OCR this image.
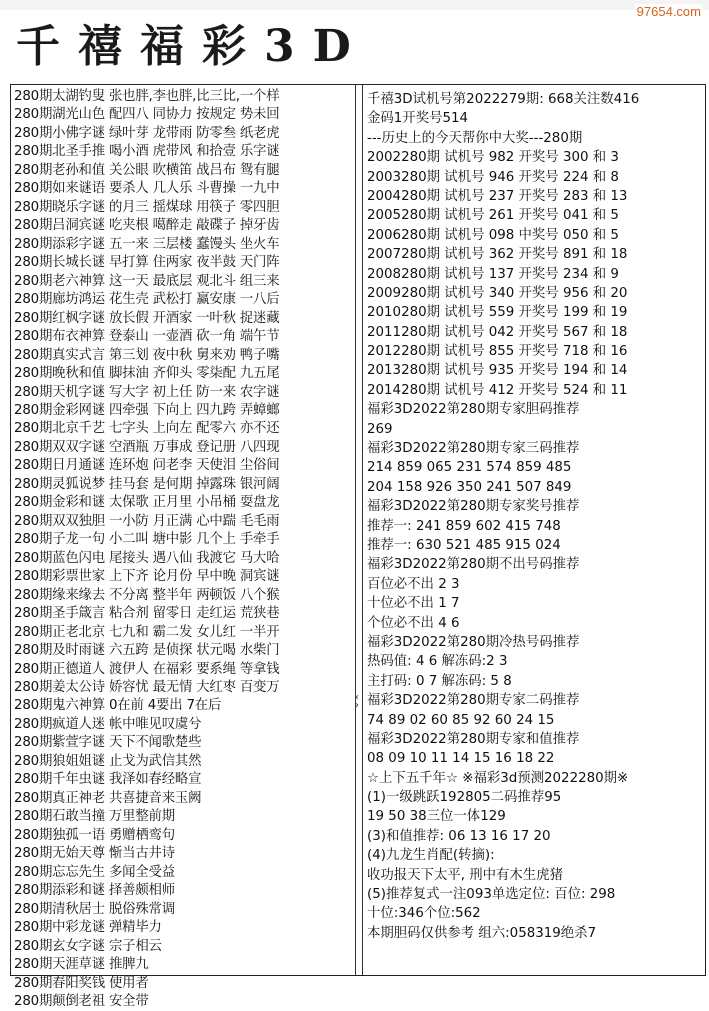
97654.com
千禧福彩3D
280期太湖钓叟 张也胖,李也胖,比三比,一个样
280期湖光山色 配四八 同协力 按规定 势未回
280期小佛字谜 绿叶芽 龙带雨 防零叁 纸老虎
280期北圣手推 喝小酒 虎带风 和拾壹 乐字谜
280期老孙和值 关公眼 吹横笛 战吕布 鸳有腿
280期如来谜语 要杀人 几人乐 斗曹操 一九中
280期晓乐字谜 的月三 摇煤球 用筷子 零四胆
280期吕洞宾谜 吃夹根 噶醉走 敲碟子 掉牙齿
280期添彩字谜 五一来 三层楼 蠢馒头 坐火车
280期长城长谜 早打算 住两家 夜半鼓 天门阵
280期老六神算 这一天 最底层 观北斗 组三来
280期廊坊鸿运 花生壳 武松打 赢安康 一八后
280期红枫字谜 放长假 开酒家 一叶秋 捉迷藏
280期布衣神算 登泰山 一壶酒 砍一角 端午节
280期真实式言 第三划 夜中秋 舅来劝 鸭子嘴
280期晚秋和值 脚抹油 齐仰头 零柒配 九五尾
280期天机字谜 写大字 初上任 防一来 农字谜
280期金彩网谜 四牵强 下向上 四九跨 弄蟑螂
280期北京千艺 七字头 上向左 配零六 亦不还
280期双双字谜 空酒瓶 万事成 登记册 八四现
280期日月通谜 连环炮 问老李 天使泪 尘俗间
280期灵狐说梦 挂马套 是何期 掉露珠 银河阔
280期金彩和谜 太保歌 正月里 小吊桶 耍盘龙
280期双双独胆 一小防 月正满 心中踹 毛毛雨
280期子龙一句 小二叫 塘中影 几个上 手牵手
280期蓝色闪电 尾接头 遇八仙 我渡它 马大哈
280期彩票世家 上下齐 论月份 早中晚 洞宾谜
280期缘来缘去 不分离 整半年 两顿饭 八个猴
280期圣手箴言 粘合剂 留零日 走红运 荒狭巷
280期正老北京 七九和 霸二发 女儿红 一半开
280期及时雨谜 六五跨 是侦探 状元喝 水柴门
280期正德道人 渡伊人 在福彩 要系绳 等拿钱
280期姜太公诗 娇容忧 最无情 大红枣 百变万
280期鬼六神算 0在前 4要出 7在后
280期疯道人迷 帐中唯见叹虞兮
280期紫萱字谜 天下不闻歌楚些
280期狼姐姐谜 止戈为武信其然
280期千年虫谜 我泽如春经略宣
280期真正神老 共喜捷音来玉阙
280期石敢当撞 万里整前期
280期独孤一语 勇赠栖鸾句
280期无始天尊 惭当古井诗
280期忘忘先生 多闻全受益
280期添彩和谜 择善颇相师
280期清秋居士 脱俗殊常调
280期中彩龙谜 弹精毕力
280期玄女字谜 宗子相云
280期天涯草谜 推脾九
280期春阳奖钱 使用者
280期颠倒老祖 安全带
‹
›
千禧3D试机号第2022279期: 668关注数416
金码1开奖号514
---历史上的今天帮你中大奖---280期
2002280期 试机号 982 开奖号 300 和 3
2003280期 试机号 946 开奖号 224 和 8
2004280期 试机号 237 开奖号 283 和 13
2005280期 试机号 261 开奖号 041 和 5
2006280期 试机号 098 中奖号 050 和 5
2007280期 试机号 362 开奖号 891 和 18
2008280期 试机号 137 开奖号 234 和 9
2009280期 试机号 340 开奖号 956 和 20
2010280期 试机号 559 开奖号 199 和 19
2011280期 试机号 042 开奖号 567 和 18
2012280期 试机号 855 开奖号 718 和 16
2013280期 试机号 935 开奖号 194 和 14
2014280期 试机号 412 开奖号 524 和 11
福彩3D2022第280期专家胆码推荐
269
福彩3D2022第280期专家三码推荐
214 859 065 231 574 859 485
204 158 926 350 241 507 849
福彩3D2022第280期专家奖号推荐
推荐一: 241 859 602 415 748
推荐一: 630 521 485 915 024
福彩3D2022第280期不出号码推荐
百位必不出 2 3
十位必不出 1 7
个位必不出 4 6
福彩3D2022第280期冷热号码推荐
热码值: 4 6 解冻码:2 3
主打码: 0 7 解冻码: 5 8
福彩3D2022第280期专家二码推荐
74 89 02 60 85 92 60 24 15
福彩3D2022第280期专家和值推荐
08 09 10 11 14 15 16 18 22
☆上下五千年☆ ※福彩3d预测2022280期※
(1)一级跳跃192805二码推荐95
19 50 38三位一体129
(3)和值推荐: 06 13 16 17 20
(4)九龙生肖配(转摘):
收功报天下太平, 刑中有木生虎猪
(5)推荐复式一注093单选定位: 百位: 298
十位:346个位:562
本期胆码仅供参考 组六:058319绝杀7
